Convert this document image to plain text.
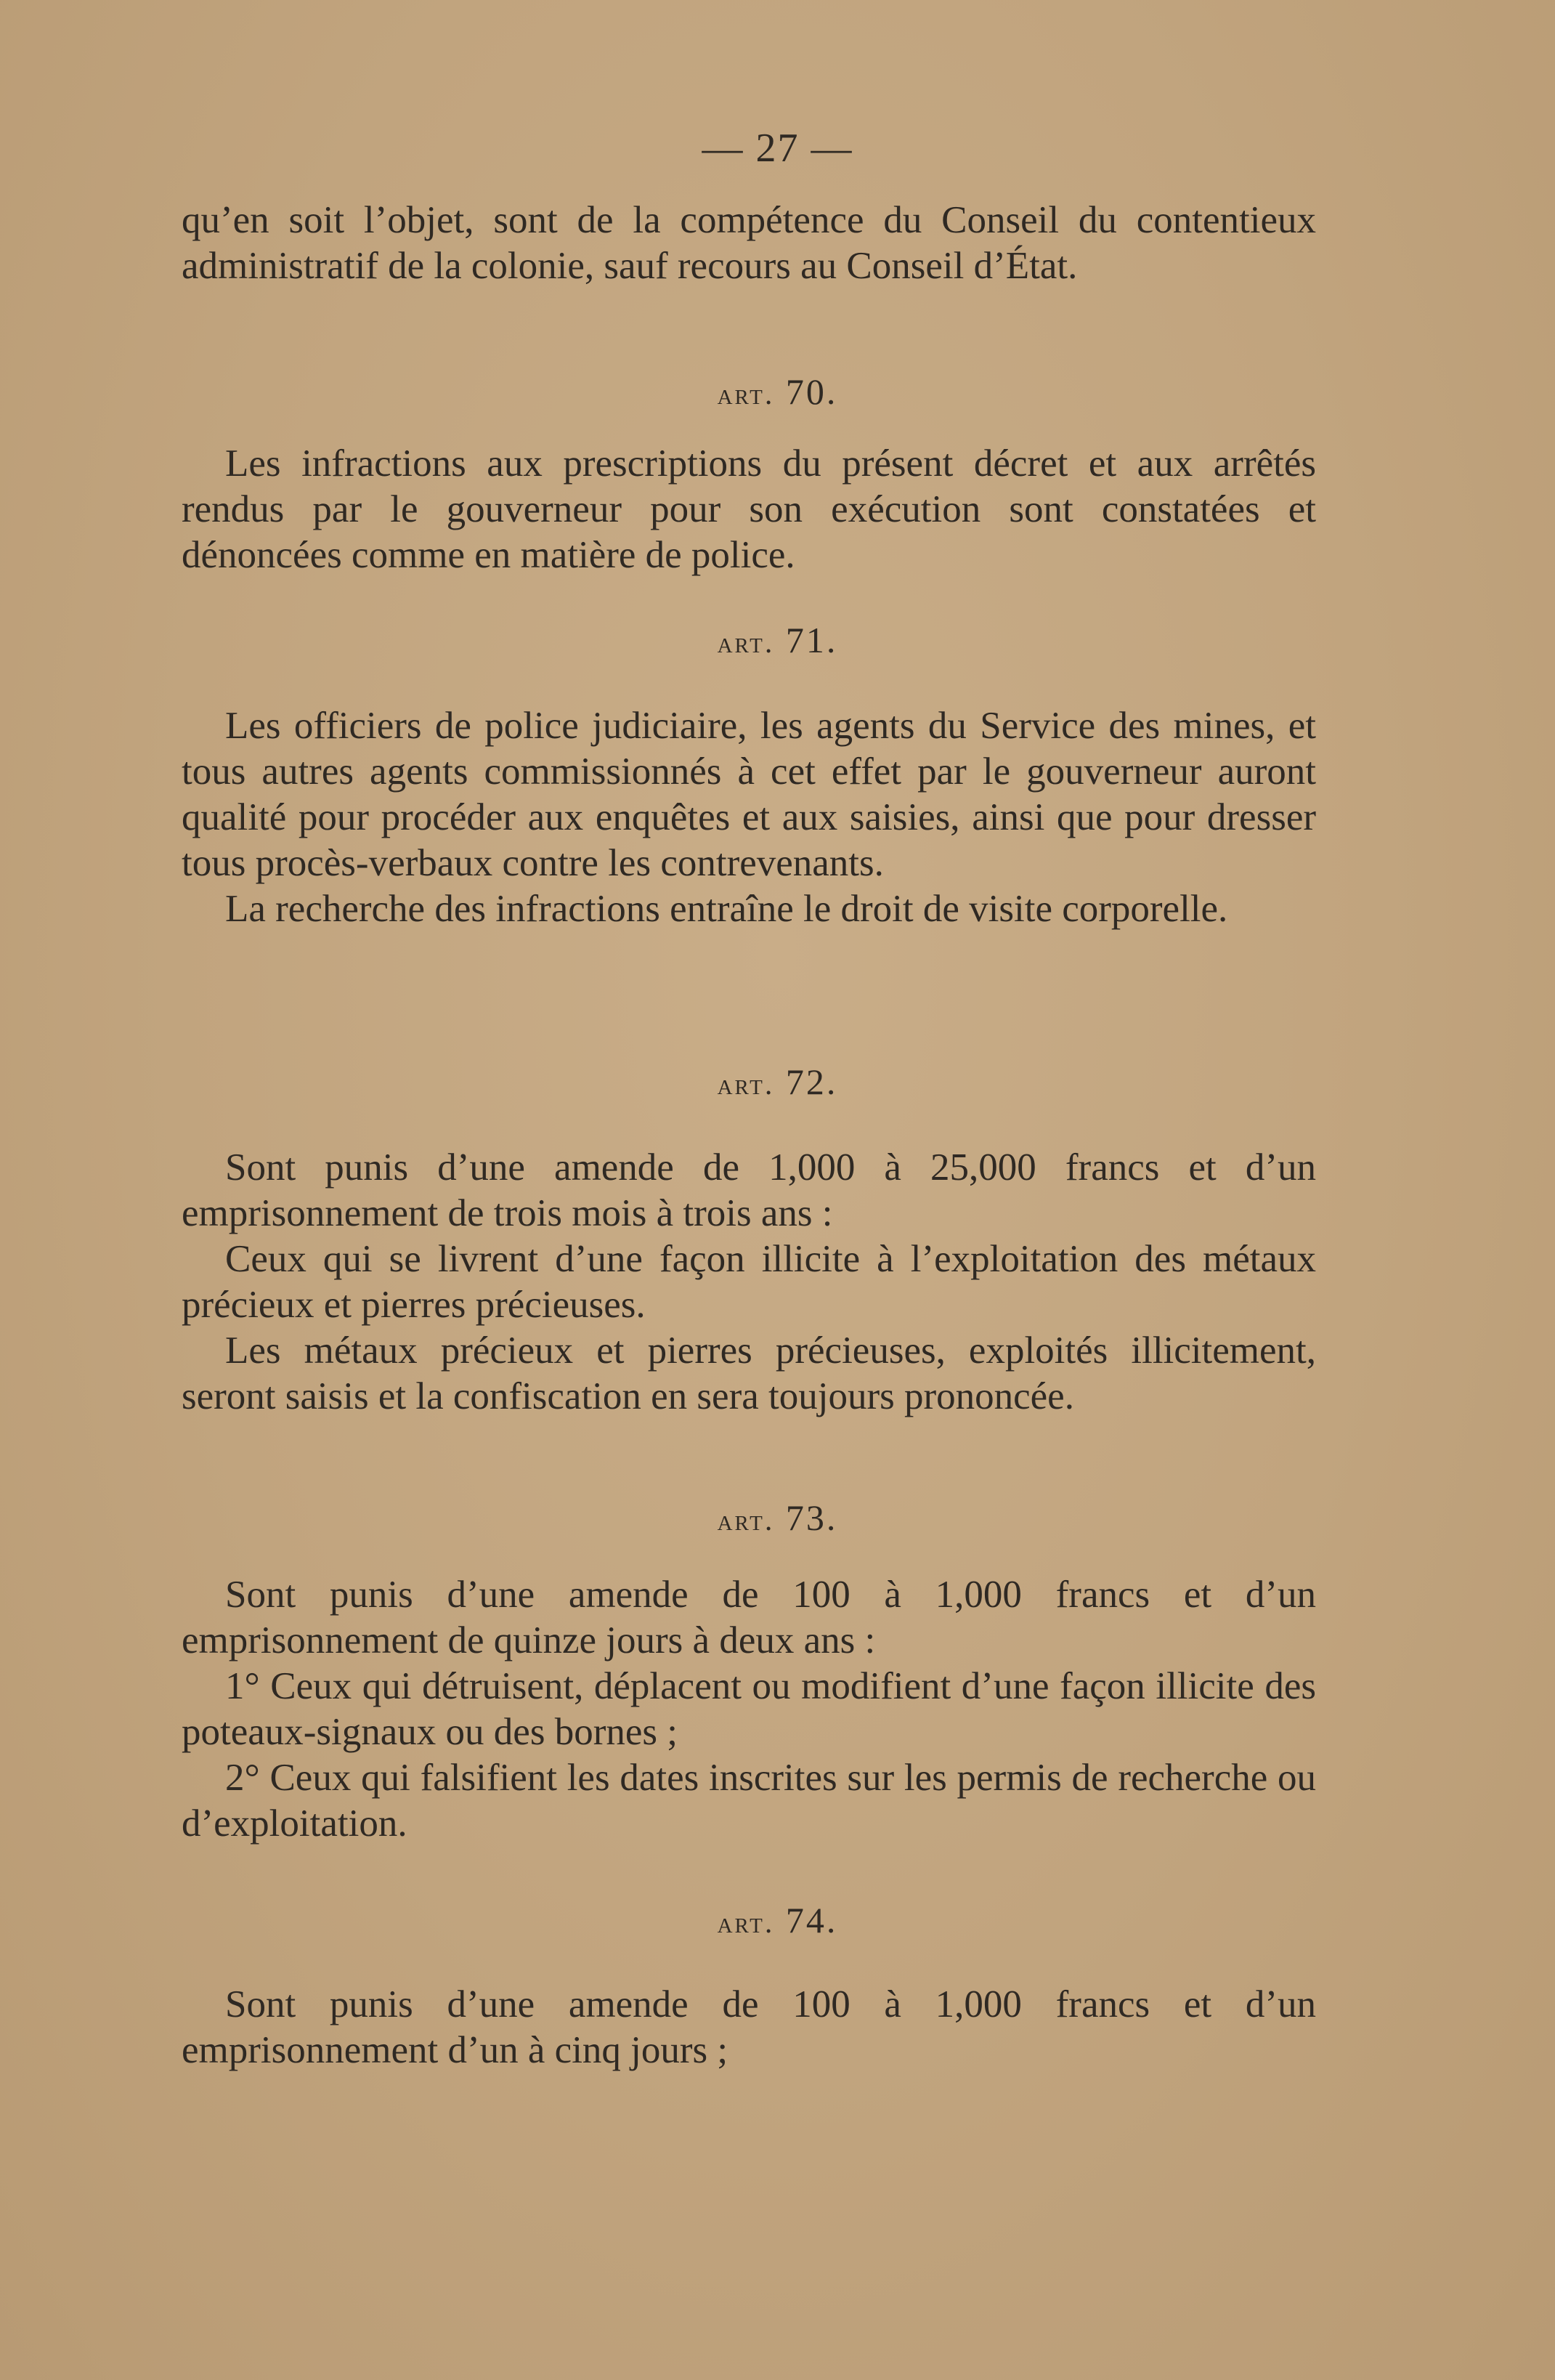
— 27 —

qu’en soit l’objet, sont de la compétence du Conseil du contentieux administratif de la colonie, sauf recours au Conseil d’État.

art. 70.

Les infractions aux prescriptions du présent décret et aux arrêtés rendus par le gouverneur pour son exécution sont constatées et dénoncées comme en matière de police.

art. 71.

Les officiers de police judiciaire, les agents du Service des mines, et tous autres agents commissionnés à cet effet par le gouverneur auront qualité pour procéder aux enquêtes et aux saisies, ainsi que pour dresser tous procès-verbaux contre les contrevenants.

La recherche des infractions entraîne le droit de visite corporelle.

art. 72.

Sont punis d’une amende de 1,000 à 25,000 francs et d’un emprisonnement de trois mois à trois ans :

Ceux qui se livrent d’une façon illicite à l’exploitation des métaux précieux et pierres précieuses.

Les métaux précieux et pierres précieuses, exploités illicitement, seront saisis et la confiscation en sera toujours prononcée.

art. 73.

Sont punis d’une amende de 100 à 1,000 francs et d’un emprisonnement de quinze jours à deux ans :

1° Ceux qui détruisent, déplacent ou modifient d’une façon illicite des poteaux-signaux ou des bornes ;

2° Ceux qui falsifient les dates inscrites sur les permis de recherche ou d’exploitation.

art. 74.

Sont punis d’une amende de 100 à 1,000 francs et d’un emprisonnement d’un à cinq jours ;
